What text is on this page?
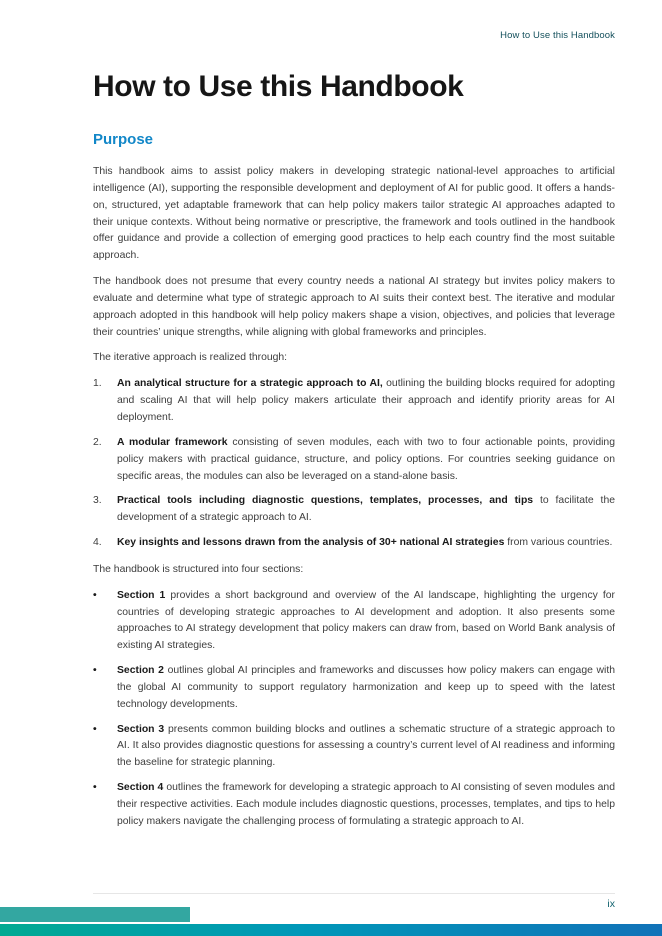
How to Use this Handbook
How to Use this Handbook
Purpose

This handbook aims to assist policy makers in developing strategic national-level approaches to artificial intelligence (AI), supporting the responsible development and deployment of AI for public good. It offers a hands-on, structured, yet adaptable framework that can help policy makers tailor strategic AI approaches adapted to their unique contexts. Without being normative or prescriptive, the framework and tools outlined in the handbook offer guidance and provide a collection of emerging good practices to help each country find the most suitable approach.

The handbook does not presume that every country needs a national AI strategy but invites policy makers to evaluate and determine what type of strategic approach to AI suits their context best. The iterative and modular approach adopted in this handbook will help policy makers shape a vision, objectives, and policies that leverage their countries’ unique strengths, while aligning with global frameworks and principles.

The iterative approach is realized through:

1.	An analytical structure for a strategic approach to AI, outlining the building blocks required for adopting and scaling AI that will help policy makers articulate their approach and identify priority areas for AI deployment.
2.	A modular framework consisting of seven modules, each with two to four actionable points, providing policy makers with practical guidance, structure, and policy options. For countries seeking guidance on specific areas, the modules can also be leveraged on a stand-alone basis.
3.	Practical tools including diagnostic questions, templates, processes, and tips to facilitate the development of a strategic approach to AI.
4.	Key insights and lessons drawn from the analysis of 30+ national AI strategies from various countries.

The handbook is structured into four sections:

•	Section 1 provides a short background and overview of the AI landscape, highlighting the urgency for countries of developing strategic approaches to AI development and adoption. It also presents some approaches to AI strategy development that policy makers can draw from, based on World Bank analysis of existing AI strategies.
•	Section 2 outlines global AI principles and frameworks and discusses how policy makers can engage with the global AI community to support regulatory harmonization and keep up to speed with the latest technology developments.
•	Section 3 presents common building blocks and outlines a schematic structure of a strategic approach to AI. It also provides diagnostic questions for assessing a country’s current level of AI readiness and informing the baseline for strategic planning.
•	Section 4 outlines the framework for developing a strategic approach to AI consisting of seven modules and their respective activities. Each module includes diagnostic questions, processes, templates, and tips to help policy makers navigate the challenging process of formulating a strategic approach to AI.
ix
